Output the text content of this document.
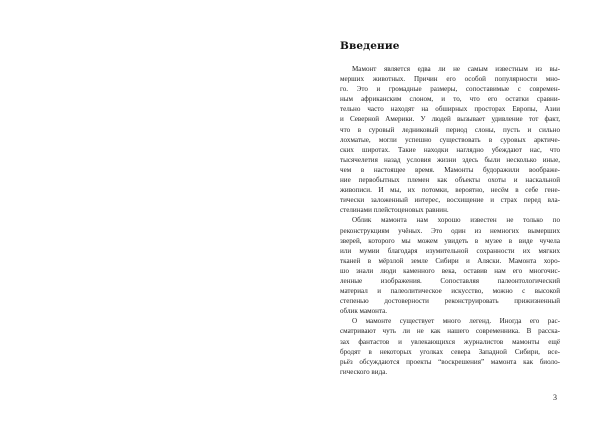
Введение
Мамонт является едва ли не самым известным из вы-
мерших животных. Причин его особой популярности мно-
го. Это и громадные размеры, сопоставимые с современ-
ным африканским слоном, и то, что его остатки сравни-
тельно часто находят на обширных просторах Европы, Азии
и Северной Америки. У людей вызывает удивление тот факт,
что в суровый ледниковый период слоны, пусть и сильно
лохматые, могли успешно существовать в суровых арктиче-
ских широтах. Такие находки наглядно убеждают нас, что
тысячелетия назад условия жизни здесь были несколько иные,
чем в настоящее время. Мамонты будоражили воображе-
ние первобытных племен как объекты охоты и наскальной
живописи. И мы, их потомки, вероятно, несём в себе гене-
тически заложенный интерес, восхищение и страх перед вла-
стелинами плейстоценовых равнин.
Облик мамонта нам хорошо известен не только по
реконструкциям учёных. Это один из немногих вымерших
зверей, которого мы можем увидеть в музее в виде чучела
или мумии благодаря изумительной сохранности их мягких
тканей в мёрзлой земле Сибири и Аляски. Мамонта хоро-
шо знали люди каменного века, оставив нам его многочис-
ленные изображения. Сопоставляя палеонтологический
материал и палеолитическое искусство, можно с высокой
степенью достоверности реконструировать прижизненный
облик мамонта.
О мамонте существует много легенд. Иногда его рас-
сматривают чуть ли не как нашего современника. В расска-
зах фантастов и увлекающихся журналистов мамонты ещё
бродят в некоторых уголках севера Западной Сибири, все-
рьёз обсуждаются проекты “воскрешения” мамонта как биоло-
гического вида.
3
